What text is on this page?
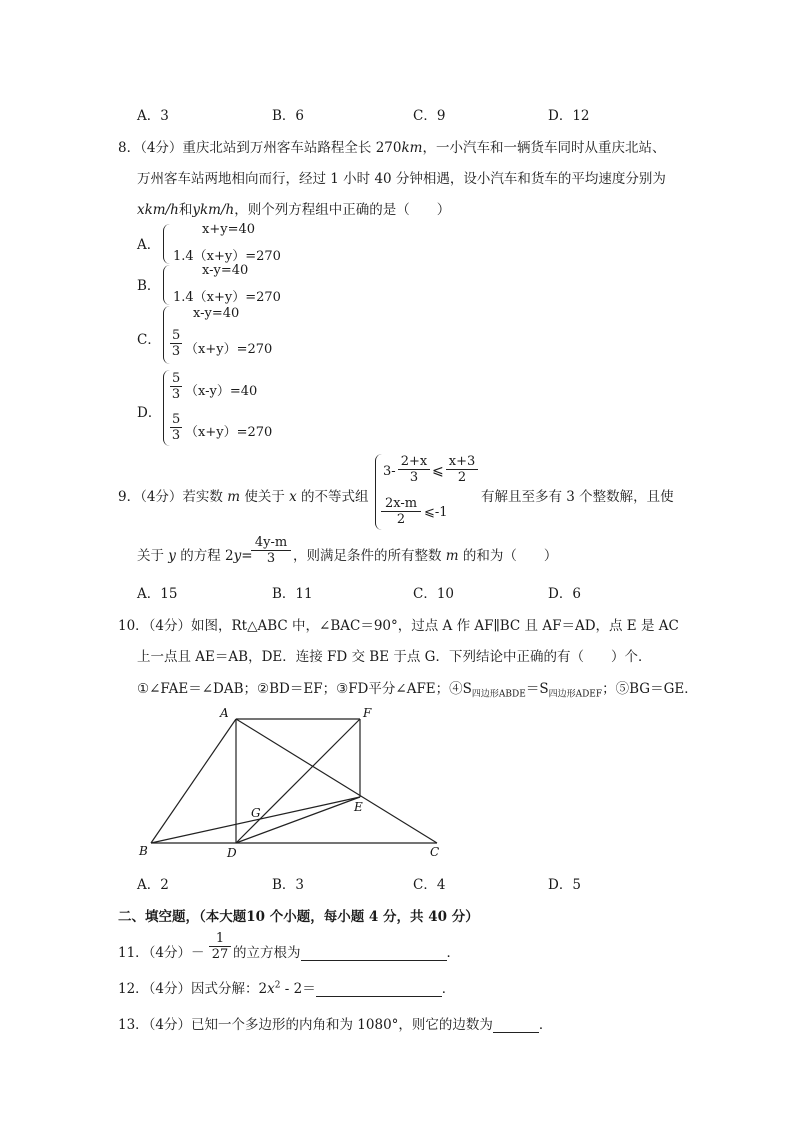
A．3	B．6	C．9	D．12
8．（4分）重庆北站到万州客车站路程全长 270km，一小汽车和一辆货车同时从重庆北站、
万州客车站两地相向而行，经过 1 小时 40 分钟相遇，设小汽车和货车的平均速度分别为
xkm/h和ykm/h，则个列方程组中正确的是（　　）
A．
x+y=40
1.4（x+y）=270
B．
x-y=40
1.4（x+y）=270
C．
x-y=40
$\frac{5}{3} (x+y)=270$
D．
$\frac{5}{3} (x-y)=40$
$\frac{5}{3} (x+y)=270$
9．（4分）若实数 m 使关于 x 的不等式组
$3- \frac{2+x}{3}$ ⩽ $\frac{x+3}{2}$
$\frac{2x-m}{2}$ ⩽-1
有解且至多有 3 个整数解，且使
关于 y 的方程 2y=
$\frac{4y-m}{3}$ ，则满足条件的所有整数 m 的和为（　　）
A．15	B．11	C．10	D．6
10．（4分）如图，Rt△ABC 中，∠BAC＝90°，过点 A 作 AF∥BC 且 AF＝AD，点 E 是 AC
上一点且 AE＝AB，DE．连接 FD 交 BE 于点 G．下列结论中正确的有（　　）个．
①∠FAE＝∠DAB；②BD＝EF；③FD平分∠AFE；$④S_{四边形ABDE}=S_{四边形ADEF}$；⑤BG＝GE．
A	F
G	E
B	D	C
A．2	B．3	C．4	D．5
二、填空题，（本大题10 个小题，每小题 4 分，共 40 分）
11．（4分）－ $\frac{1}{27}$ 的立方根为	．
12．（4分）因式分解：$2x^2 - 2=$	．
13．（4分）已知一个多边形的内角和为 1080°，则它的边数为	．
